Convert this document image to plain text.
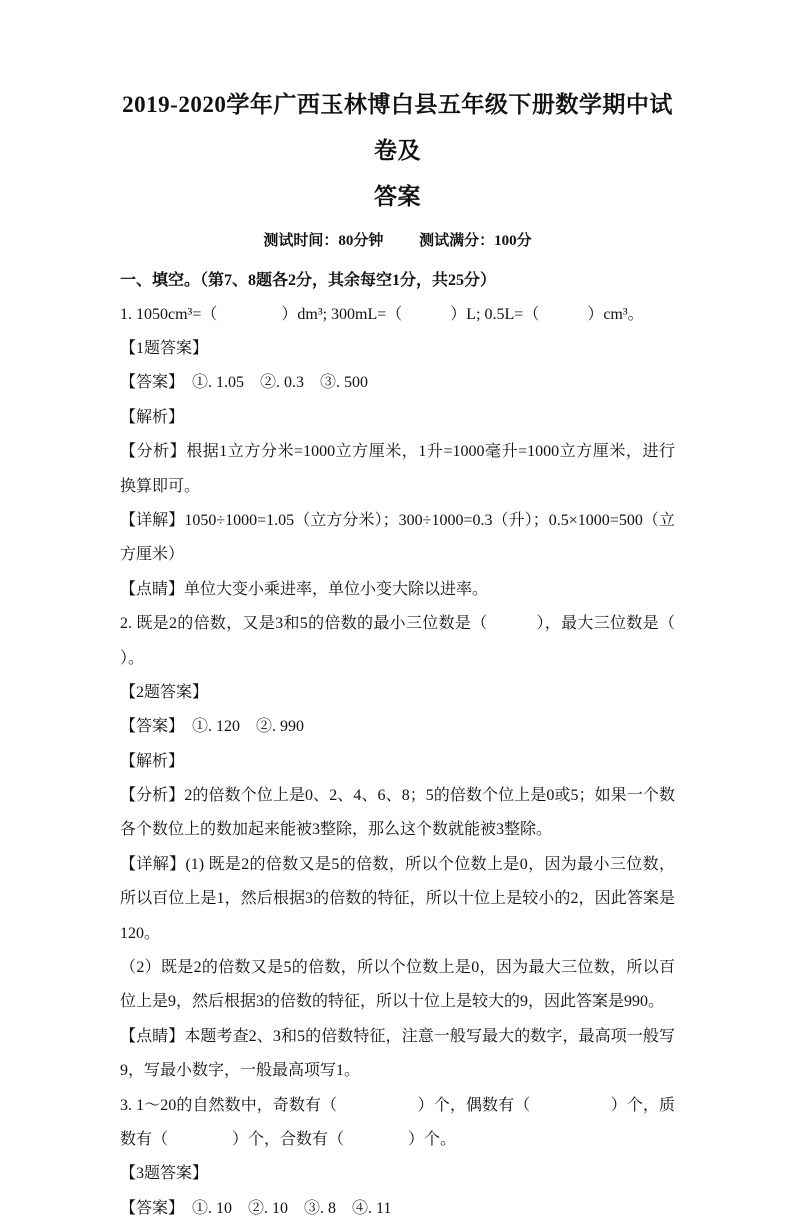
2019-2020学年广西玉林博白县五年级下册数学期中试卷及
答案
测试时间：80分钟 测试满分：100分
一、填空。（第7、8题各2分，其余每空1分，共25分）

1. 1050cm³=（　　　　）dm³; 300mL=（　　　）L; 0.5L=（　　　）cm³。

【1题答案】

【答案】　①. 1.05　②. 0.3　③. 500

【解析】

【分析】根据1立方分米=1000立方厘米，1升=1000毫升=1000立方厘米，进行换算即可。

【详解】1050÷1000=1.05（立方分米）；300÷1000=0.3（升）；0.5×1000=500（立方厘米）

【点睛】单位大变小乘进率，单位小变大除以进率。

2. 既是2的倍数，又是3和5的倍数的最小三位数是（　　　），最大三位数是（　　　）。

【2题答案】

【答案】　①. 120　②. 990

【解析】

【分析】2的倍数个位上是0、2、4、6、8；5的倍数个位上是0或5；如果一个数各个数位上的数加起来能被3整除，那么这个数就能被3整除。

【详解】(1) 既是2的倍数又是5的倍数，所以个位数上是0，因为最小三位数，所以百位上是1，然后根据3的倍数的特征，所以十位上是较小的2，因此答案是120。

（2）既是2的倍数又是5的倍数，所以个位数上是0，因为最大三位数，所以百位上是9，然后根据3的倍数的特征，所以十位上是较大的9，因此答案是990。

【点睛】本题考查2、3和5的倍数特征，注意一般写最大的数字，最高项一般写9，写最小数字，一般最高项写1。

3. 1～20的自然数中，奇数有（　　　　　）个，偶数有（　　　　　）个，质数有（　　　　）个，合数有（　　　　）个。

【3题答案】

【答案】　①. 10　②. 10　③. 8　④. 11
